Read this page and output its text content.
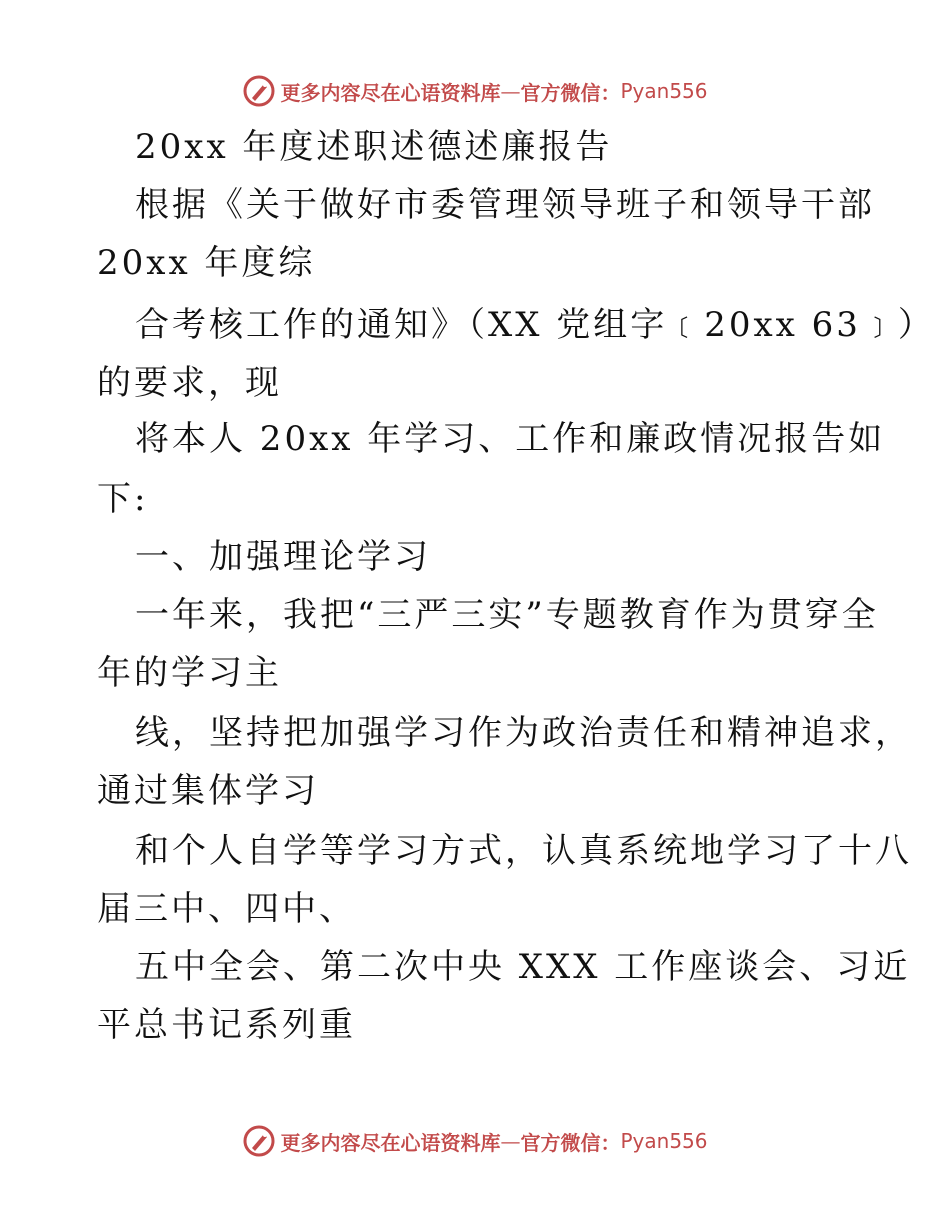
更多内容尽在心语资料库 — 官方微信： Pyan556
20xx 年度述职述德述廉报告
根据《关于做好市委管理领导班子和领导干部
20xx 年度综
合考核工作的通知》（XX 党组字﹝20xx 63﹞）
的要求，现
将本人 20xx 年学习、工作和廉政情况报告如
下:
一、加强理论学习
一年来，我把“三严三实”专题教育作为贯穿全
年的学习主
线，坚持把加强学习作为政治责任和精神追求，
通过集体学习
和个人自学等学习方式，认真系统地学习了十八
届三中、四中、
五中全会、第二次中央 XXX 工作座谈会、习近
平总书记系列重
更多内容尽在心语资料库 — 官方微信： Pyan556
